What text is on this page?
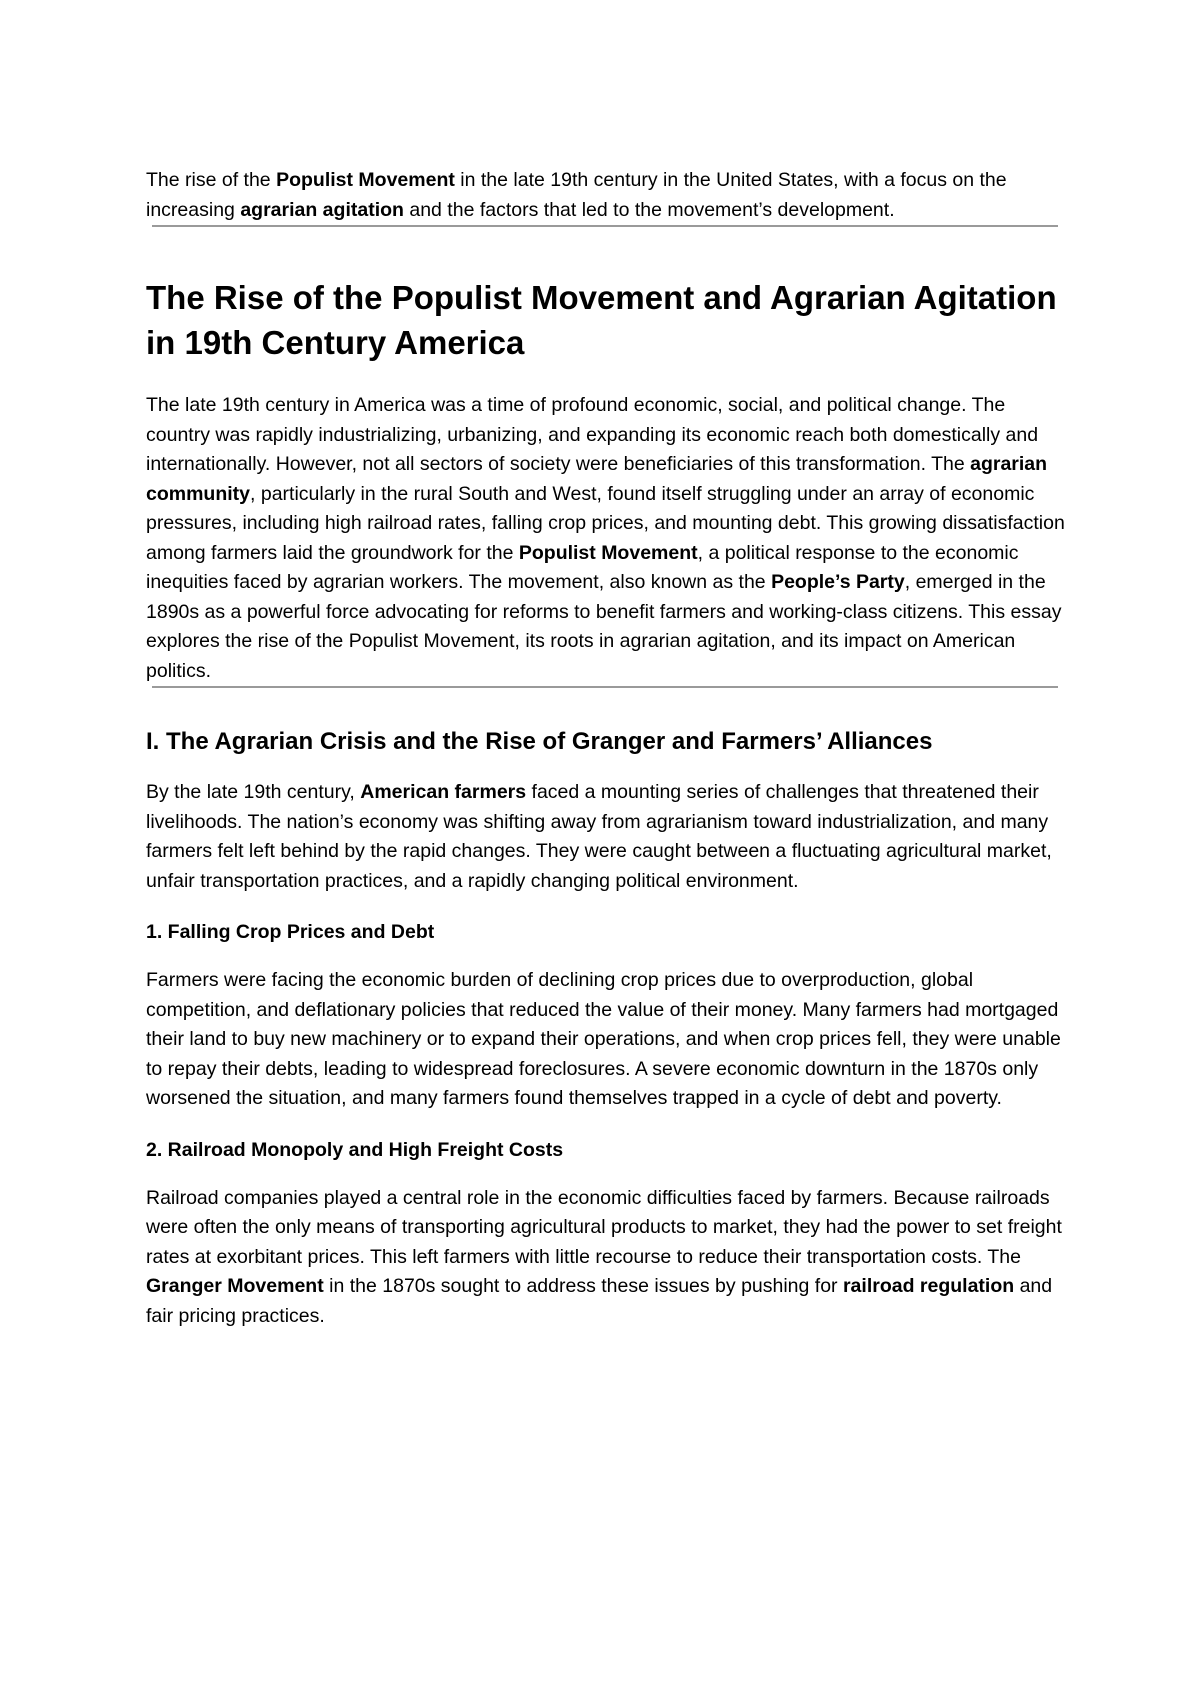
The rise of the Populist Movement in the late 19th century in the United States, with a focus on the increasing agrarian agitation and the factors that led to the movement’s development.

The Rise of the Populist Movement and Agrarian Agitation in 19th Century America

The late 19th century in America was a time of profound economic, social, and political change. The country was rapidly industrializing, urbanizing, and expanding its economic reach both domestically and internationally. However, not all sectors of society were beneficiaries of this transformation. The agrarian community, particularly in the rural South and West, found itself struggling under an array of economic pressures, including high railroad rates, falling crop prices, and mounting debt. This growing dissatisfaction among farmers laid the groundwork for the Populist Movement, a political response to the economic inequities faced by agrarian workers. The movement, also known as the People’s Party, emerged in the 1890s as a powerful force advocating for reforms to benefit farmers and working-class citizens. This essay explores the rise of the Populist Movement, its roots in agrarian agitation, and its impact on American politics.

I. The Agrarian Crisis and the Rise of Granger and Farmers’ Alliances

By the late 19th century, American farmers faced a mounting series of challenges that threatened their livelihoods. The nation’s economy was shifting away from agrarianism toward industrialization, and many farmers felt left behind by the rapid changes. They were caught between a fluctuating agricultural market, unfair transportation practices, and a rapidly changing political environment.

1. Falling Crop Prices and Debt

Farmers were facing the economic burden of declining crop prices due to overproduction, global competition, and deflationary policies that reduced the value of their money. Many farmers had mortgaged their land to buy new machinery or to expand their operations, and when crop prices fell, they were unable to repay their debts, leading to widespread foreclosures. A severe economic downturn in the 1870s only worsened the situation, and many farmers found themselves trapped in a cycle of debt and poverty.

2. Railroad Monopoly and High Freight Costs

Railroad companies played a central role in the economic difficulties faced by farmers. Because railroads were often the only means of transporting agricultural products to market, they had the power to set freight rates at exorbitant prices. This left farmers with little recourse to reduce their transportation costs. The Granger Movement in the 1870s sought to address these issues by pushing for railroad regulation and fair pricing practices.
